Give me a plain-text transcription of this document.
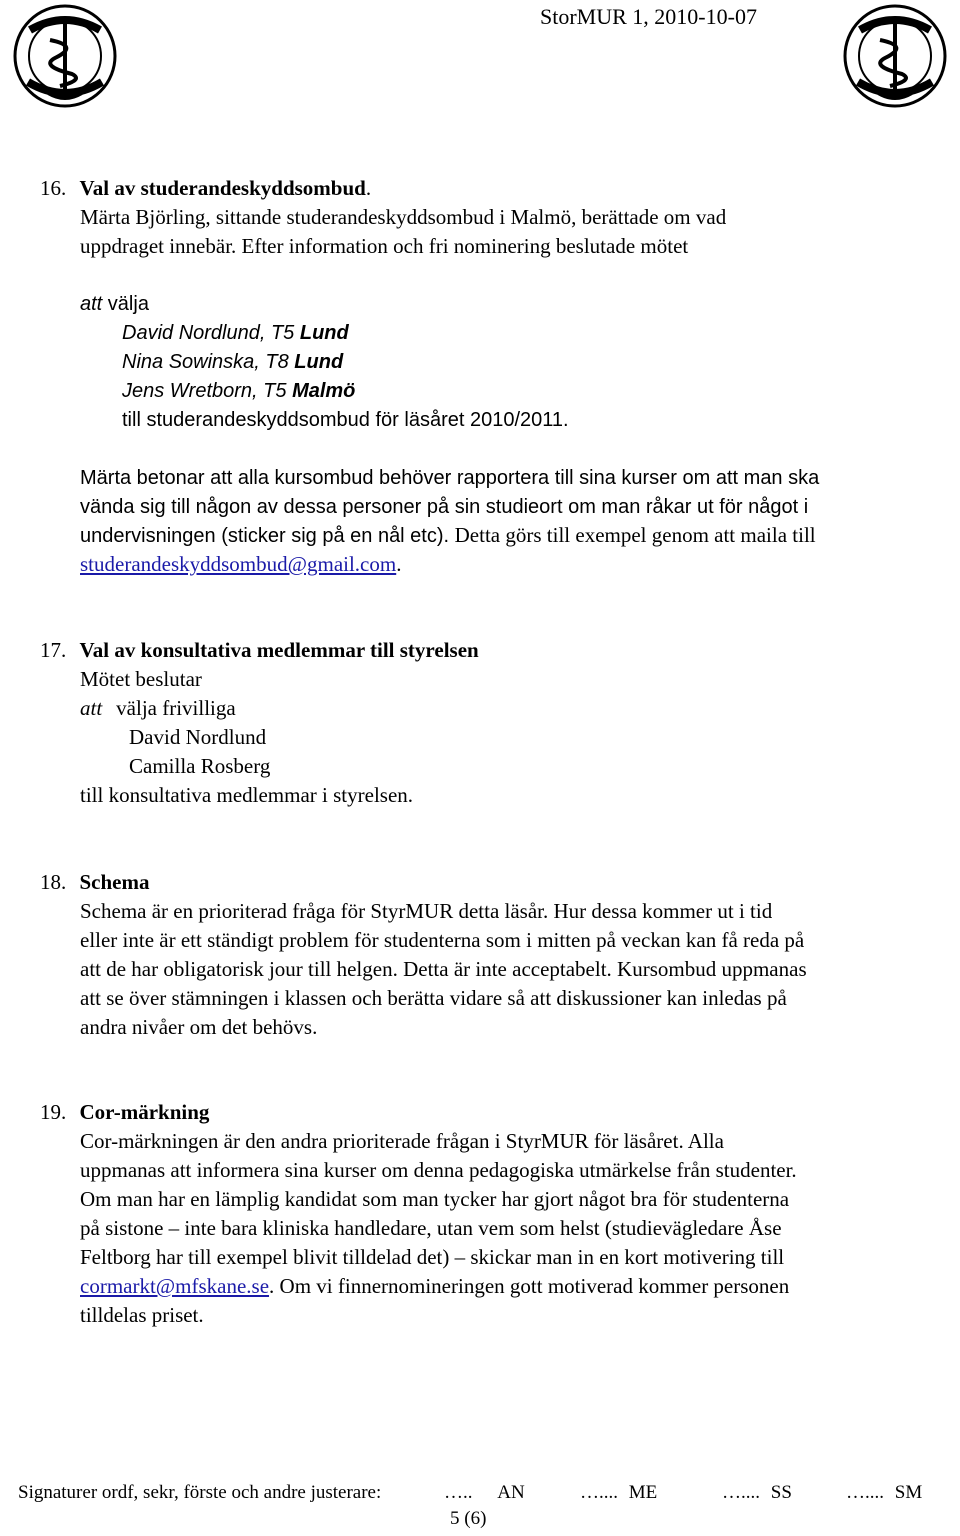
StorMUR 1, 2010-10-07
16. Val av studerandeskyddsombud.
Märta Björling, sittande studerandeskyddsombud i Malmö, berättade om vad
uppdraget innebär. Efter information och fri nominering beslutade mötet
att välja
David Nordlund, T5 Lund
Nina Sowinska, T8 Lund
Jens Wretborn, T5 Malmö
till studerandeskyddsombud för läsåret 2010/2011.
Märta betonar att alla kursombud behöver rapportera till sina kurser om att man ska
vända sig till någon av dessa personer på sin studieort om man råkar ut för något i
undervisningen (sticker sig på en nål etc). Detta görs till exempel genom att maila till
studerandeskyddsombud@gmail.com.
17. Val av konsultativa medlemmar till styrelsen
Mötet beslutar
att välja frivilliga
David Nordlund
Camilla Rosberg
till konsultativa medlemmar i styrelsen.
18. Schema
Schema är en prioriterad fråga för StyrMUR detta läsår. Hur dessa kommer ut i tid
eller inte är ett ständigt problem för studenterna som i mitten på veckan kan få reda på
att de har obligatorisk jour till helgen. Detta är inte acceptabelt. Kursombud uppmanas
att se över stämningen i klassen och berätta vidare så att diskussioner kan inledas på
andra nivåer om det behövs.
19. Cor-märkning
Cor-märkningen är den andra prioriterade frågan i StyrMUR för läsåret. Alla
uppmanas att informera sina kurser om denna pedagogiska utmärkelse från studenter.
Om man har en lämplig kandidat som man tycker har gjort något bra för studenterna
på sistone – inte bara kliniska handledare, utan vem som helst (studievägledare Åse
Feltborg har till exempel blivit tilldelad det) – skickar man in en kort motivering till
cormarkt@mfskane.se. Om vi finnernomineringen gott motiverad kommer personen
tilldelas priset.
Signaturer ordf, sekr, förste och andre justerare:	….. AN	….... ME	….... SS	….... SM
5 (6)
